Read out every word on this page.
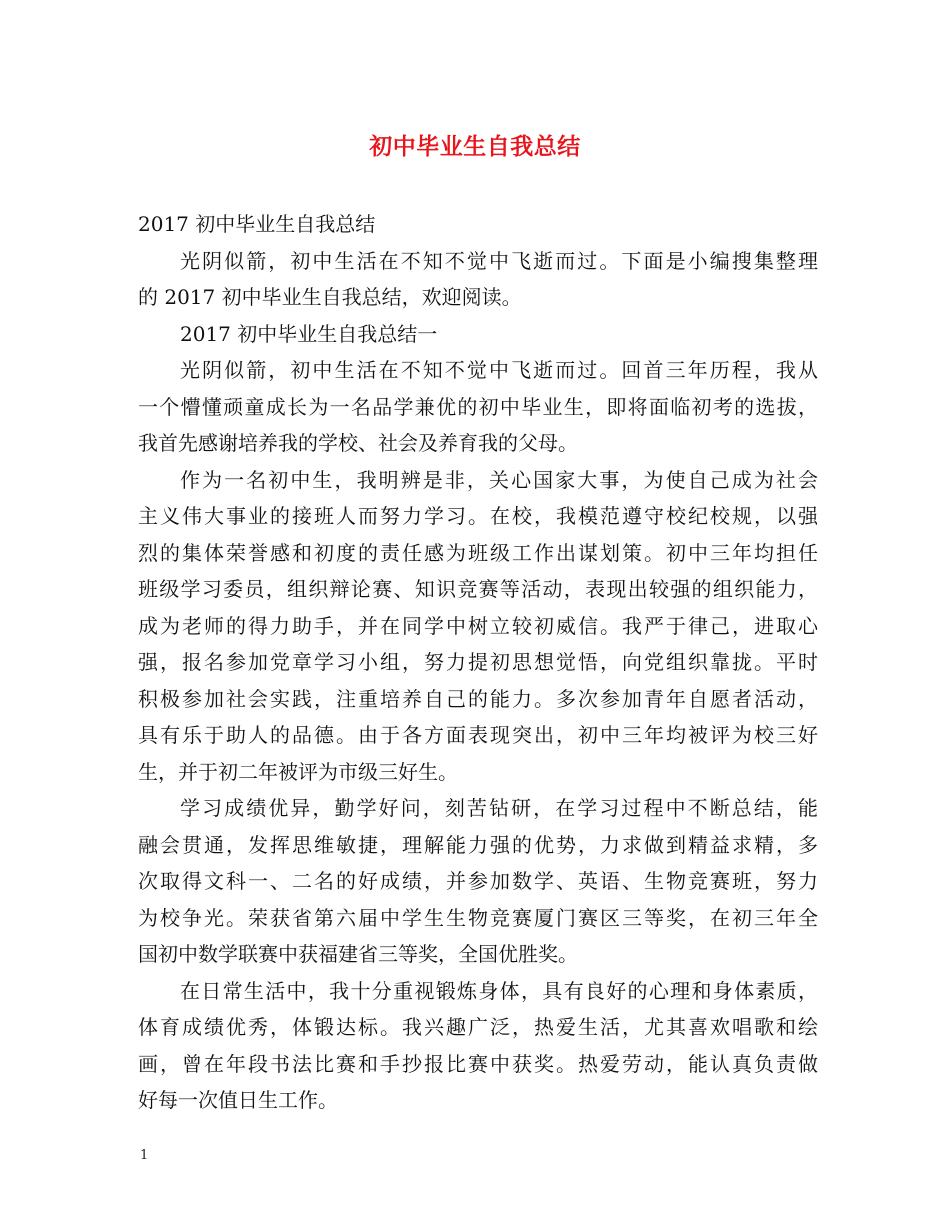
初中毕业生自我总结
2017 初中毕业生自我总结
光阴似箭，初中生活在不知不觉中飞逝而过。下面是小编搜集整理
的 2017 初中毕业生自我总结，欢迎阅读。
2017 初中毕业生自我总结一
光阴似箭，初中生活在不知不觉中飞逝而过。回首三年历程，我从
一个懵懂顽童成长为一名品学兼优的初中毕业生，即将面临初考的选拔，
我首先感谢培养我的学校、社会及养育我的父母。
作为一名初中生，我明辨是非，关心国家大事，为使自己成为社会
主义伟大事业的接班人而努力学习。在校，我模范遵守校纪校规，以强
烈的集体荣誉感和初度的责任感为班级工作出谋划策。初中三年均担任
班级学习委员，组织辩论赛、知识竞赛等活动，表现出较强的组织能力，
成为老师的得力助手，并在同学中树立较初威信。我严于律己，进取心
强，报名参加党章学习小组，努力提初思想觉悟，向党组织靠拢。平时
积极参加社会实践，注重培养自己的能力。多次参加青年自愿者活动，
具有乐于助人的品德。由于各方面表现突出，初中三年均被评为校三好
生，并于初二年被评为市级三好生。
学习成绩优异，勤学好问，刻苦钻研，在学习过程中不断总结，能
融会贯通，发挥思维敏捷，理解能力强的优势，力求做到精益求精，多
次取得文科一、二名的好成绩，并参加数学、英语、生物竞赛班，努力
为校争光。荣获省第六届中学生生物竞赛厦门赛区三等奖，在初三年全
国初中数学联赛中获福建省三等奖，全国优胜奖。
在日常生活中，我十分重视锻炼身体，具有良好的心理和身体素质，
体育成绩优秀，体锻达标。我兴趣广泛，热爱生活，尤其喜欢唱歌和绘
画，曾在年段书法比赛和手抄报比赛中获奖。热爱劳动，能认真负责做
好每一次值日生工作。
1
